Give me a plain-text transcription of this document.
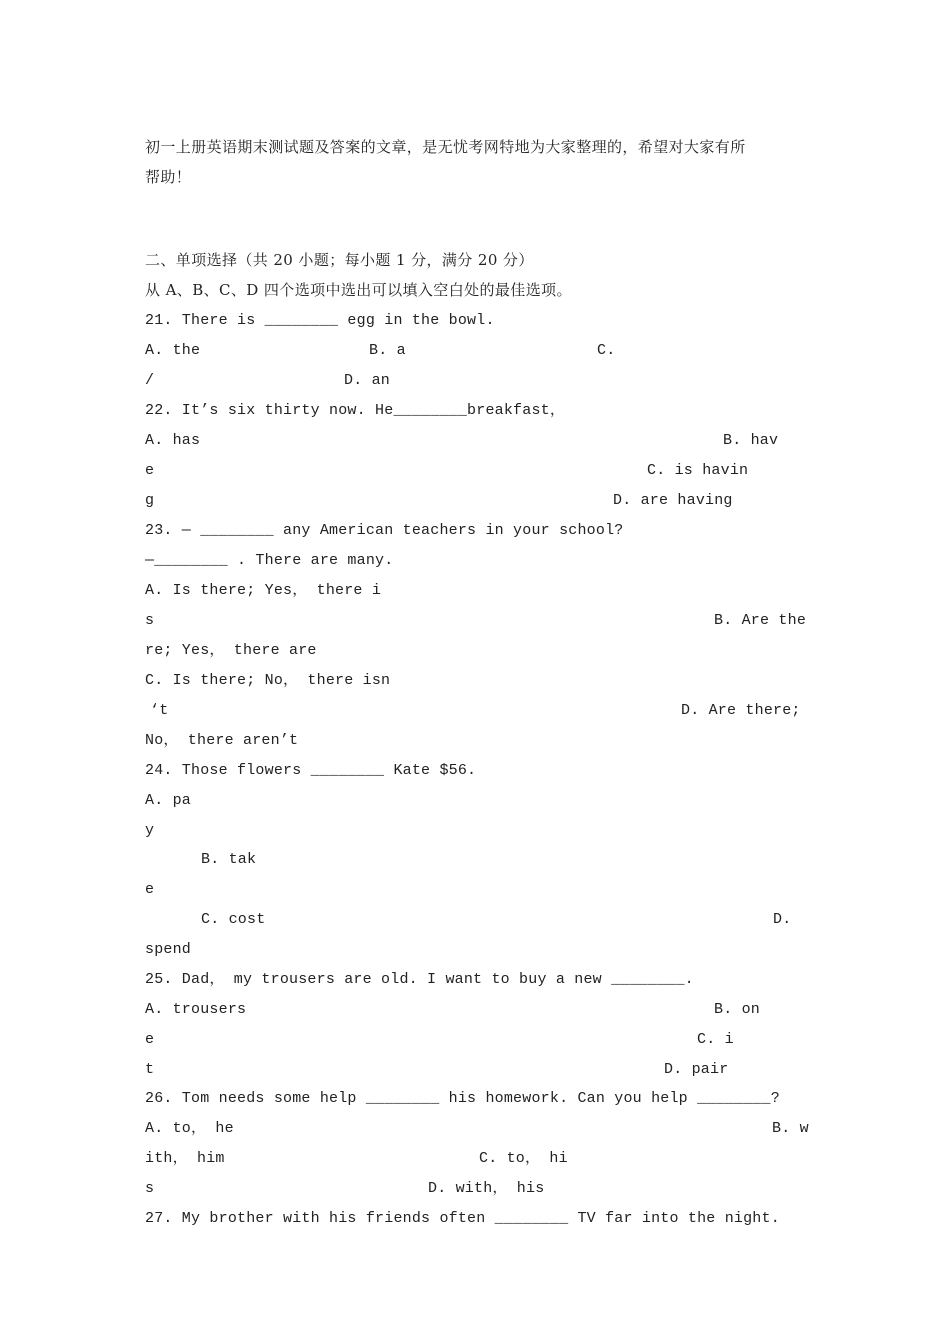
初一上册英语期末测试题及答案的文章，是无忧考网特地为大家整理的，希望对大家有所
帮助！
二、单项选择（共 20 小题；每小题 1 分，满分 20 分）
从 A、B、C、D 四个选项中选出可以填入空白处的最佳选项。
21. There is ________ egg in the bowl.
A. the	B. a	C.
/	D. an
22. It’s six thirty now. He________breakfast，
A. has	B. hav
e	C. is havin
g	D. are having
23. — ________ any American teachers in your school?
—________ . There are many.
A. Is there; Yes， there i
s	B. Are the
re; Yes， there are
C. Is there; No， there isn
‘t	D. Are there;
No， there aren’t
24. Those flowers ________ Kate $56.
A. pa
y
B. tak
e
C. cost	D.
spend
25. Dad， my trousers are old. I want to buy a new ________.
A. trousers	B. on
e	C. i
t	D. pair
26. Tom needs some help ________ his homework. Can you help ________?
A. to， he	B. w
ith， him	C. to， hi
s	D. with， his
27. My brother with his friends often ________ TV far into the night.
